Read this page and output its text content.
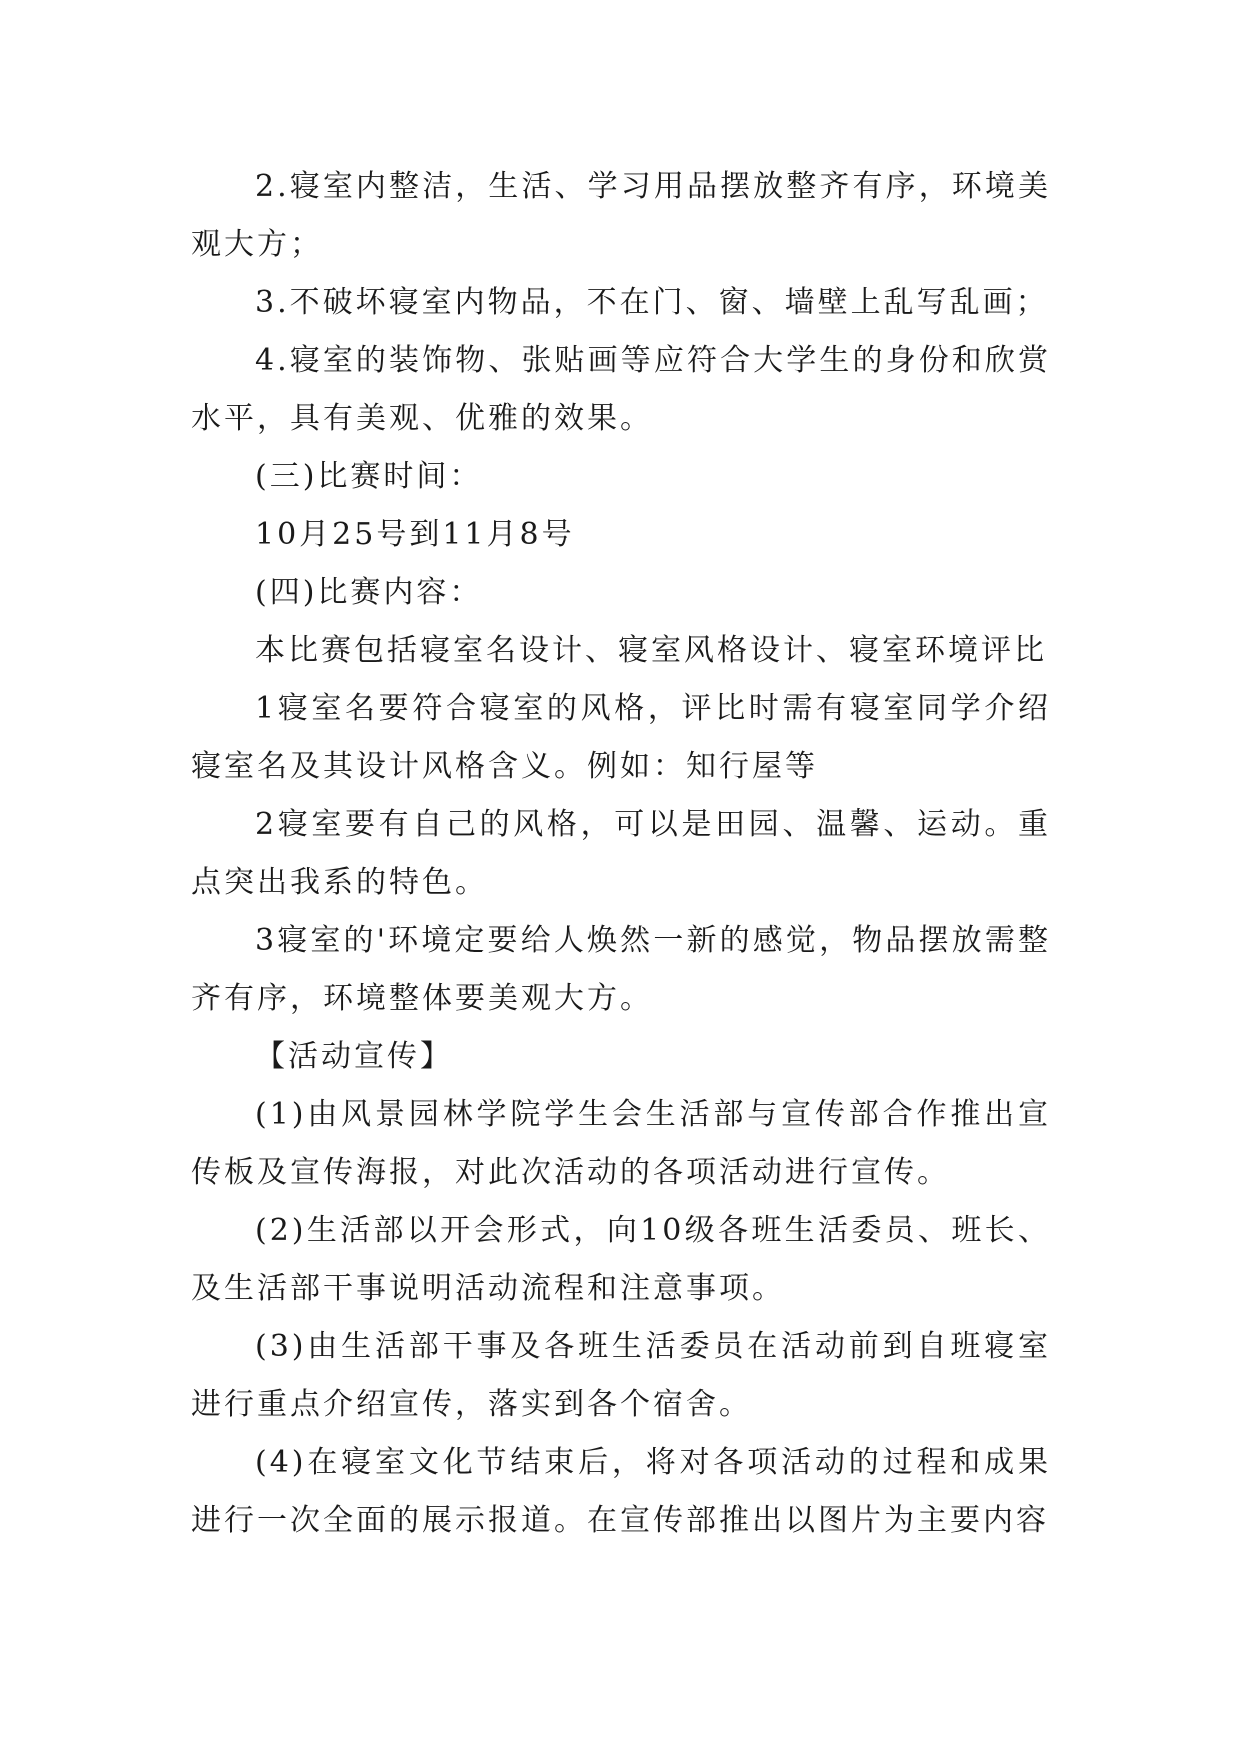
2.寝室内整洁，生活、学习用品摆放整齐有序，环境美观大方；

3.不破坏寝室内物品，不在门、窗、墙壁上乱写乱画；

4.寝室的装饰物、张贴画等应符合大学生的身份和欣赏水平，具有美观、优雅的效果。

(三)比赛时间：

10月25号到11月8号

(四)比赛内容：

本比赛包括寝室名设计、寝室风格设计、寝室环境评比

1寝室名要符合寝室的风格，评比时需有寝室同学介绍寝室名及其设计风格含义。例如：知行屋等

2寝室要有自己的风格，可以是田园、温馨、运动。重点突出我系的特色。

3寝室的'环境定要给人焕然一新的感觉，物品摆放需整齐有序，环境整体要美观大方。

【活动宣传】

(1)由风景园林学院学生会生活部与宣传部合作推出宣传板及宣传海报，对此次活动的各项活动进行宣传。

(2)生活部以开会形式，向10级各班生活委员、班长、及生活部干事说明活动流程和注意事项。

(3)由生活部干事及各班生活委员在活动前到自班寝室进行重点介绍宣传，落实到各个宿舍。

(4)在寝室文化节结束后，将对各项活动的过程和成果进行一次全面的展示报道。在宣传部推出以图片为主要内容
